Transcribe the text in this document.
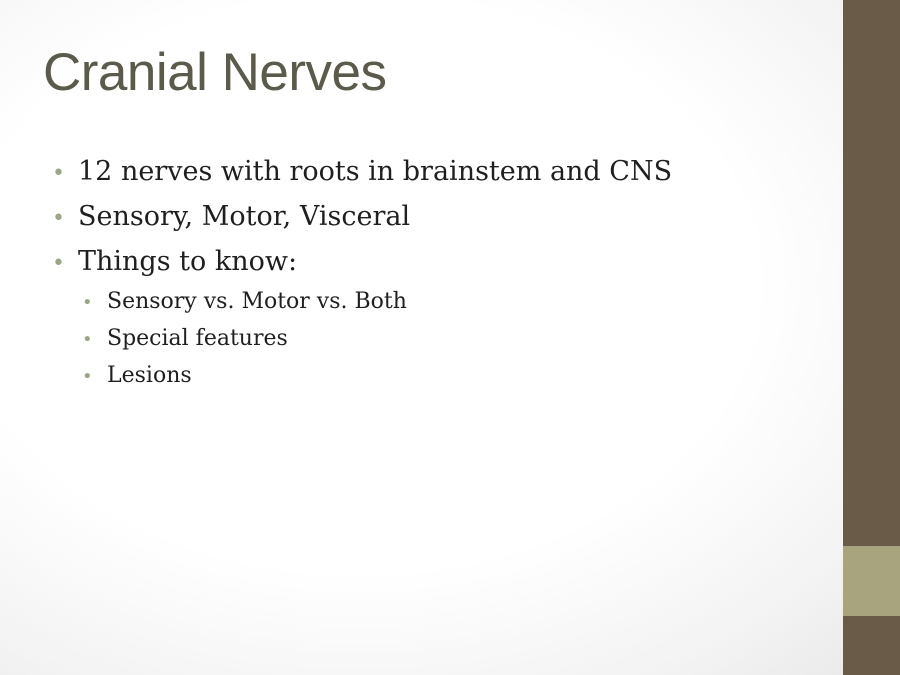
Cranial Nerves
• 12 nerves with roots in brainstem and CNS
• Sensory, Motor, Visceral
• Things to know:
• Sensory vs. Motor vs. Both
• Special features
• Lesions
